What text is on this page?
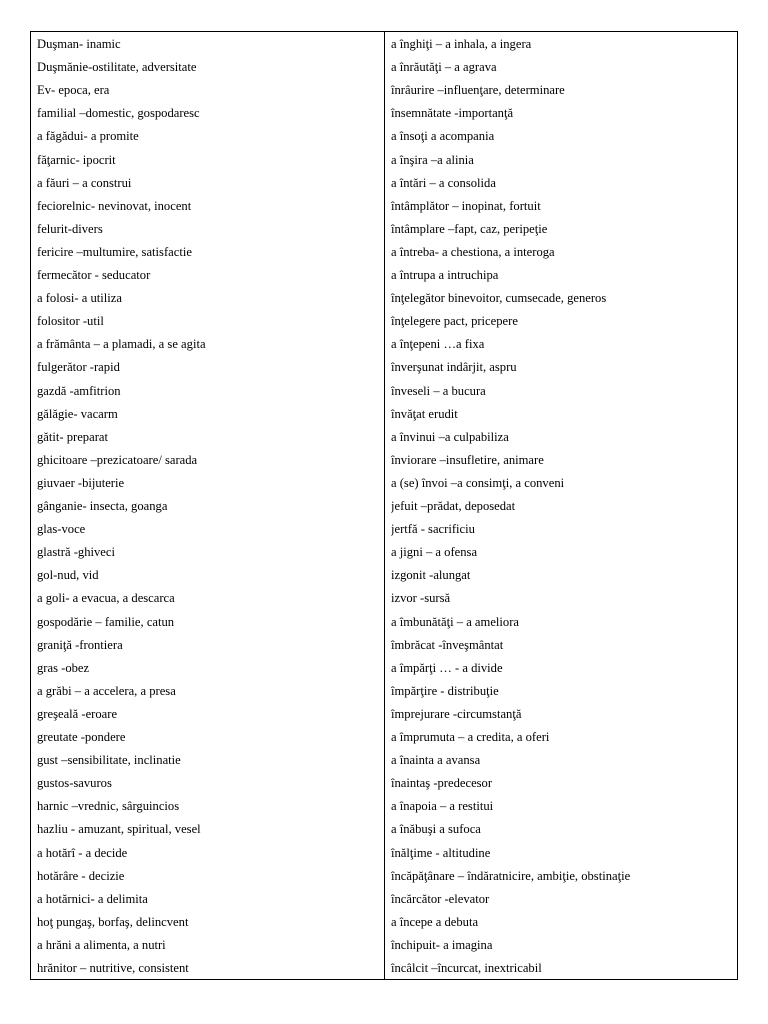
Duşman- inamic
Duşmănie-ostilitate, adversitate
Ev- epoca, era
familial –domestic, gospodaresc
a făgădui- a promite
făţarnic- ipocrit
a făuri – a construi
feciorelnic- nevinovat, inocent
felurit-divers
fericire –multumire, satisfactie
fermecător - seducator
a folosi- a utiliza
folositor -util
a frământa – a plamadi, a se agita
fulgerător -rapid
gazdă -amfitrion
gălăgie- vacarm
gătit- preparat
ghicitoare –prezicatoare/ sarada
giuvaer -bijuterie
gânganie- insecta, goanga
glas-voce
glastră -ghiveci
gol-nud, vid
a goli- a evacua, a descarca
gospodărie – familie, catun
graniţă -frontiera
gras -obez
a grăbi – a accelera, a presa
greşeală -eroare
greutate -pondere
gust –sensibilitate, inclinatie
gustos-savuros
harnic –vrednic, sârguincios
hazliu - amuzant, spiritual, vesel
a hotărî - a decide
hotărâre - decizie
a hotărnici- a delimita
hoţ pungaş, borfaş, delincvent
a hrăni a alimenta, a nutri
hrănitor – nutritive, consistent
a înghiţi – a inhala, a ingera
a înrăutăţi – a agrava
înrâurire –influenţare, determinare
însemnătate -importanţă
a însoţi a acompania
a înşira –a alinia
a întări – a consolida
întâmplător – inopinat, fortuit
întâmplare –fapt, caz, peripeţie
a întreba- a chestiona, a interoga
a întrupa a intruchipa
înţelegător binevoitor, cumsecade, generos
înţelegere pact, pricepere
a înţepeni …a fixa
înverşunat indârjit, aspru
înveseli – a bucura
învăţat erudit
a învinui –a culpabiliza
înviorare –insufletire, animare
a (se) învoi –a consimţi, a conveni
jefuit –prădat, deposedat
jertfă - sacrificiu
a jigni – a ofensa
izgonit -alungat
izvor -sursă
a îmbunătăţi – a ameliora
îmbrăcat -înveşmântat
a împărţi … - a divide
împărţire - distribuţie
împrejurare -circumstanţă
a împrumuta – a credita, a oferi
a înainta a avansa
înaintaş -predecesor
a înapoia – a restitui
a înăbuşi a sufoca
înălţime - altitudine
încăpăţânare – îndăratnicire, ambiţie, obstinaţie
încărcător -elevator
a începe a debuta
închipuit- a imagina
încâlcit –încurcat, inextricabil
